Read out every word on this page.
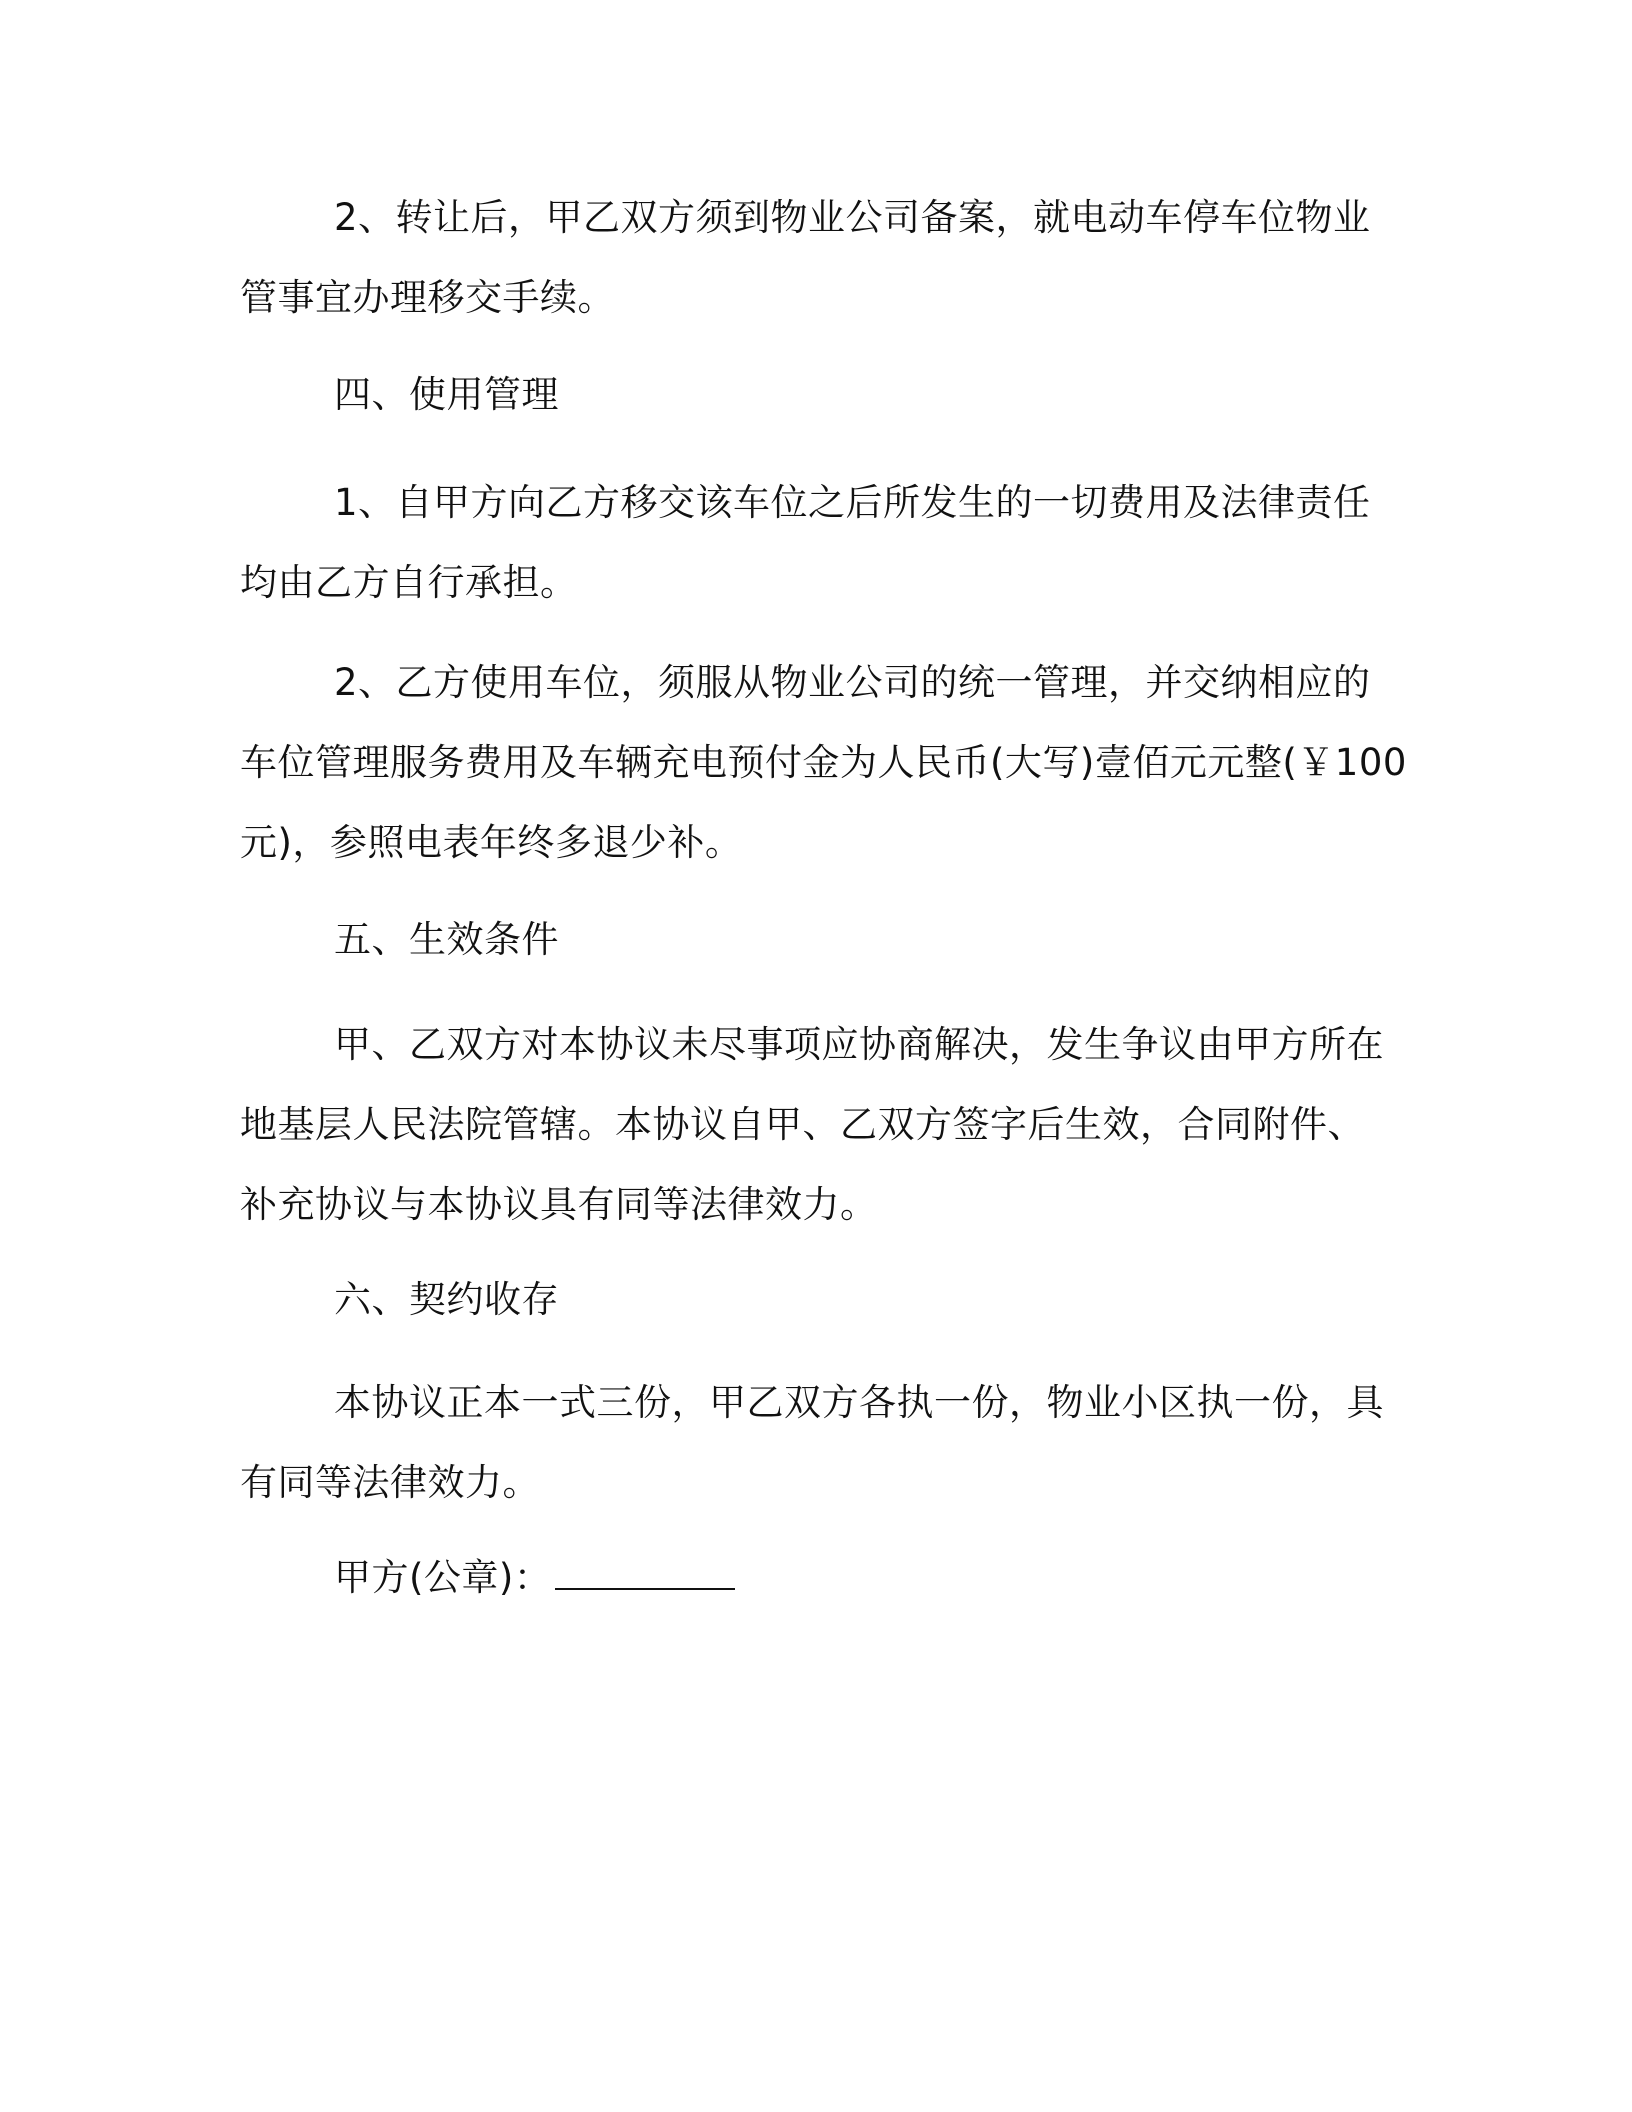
2、转让后，甲乙双方须到物业公司备案，就电动车停车位物业
管事宜办理移交手续。
四、使用管理
1、自甲方向乙方移交该车位之后所发生的一切费用及法律责任
均由乙方自行承担。
2、乙方使用车位，须服从物业公司的统一管理，并交纳相应的
车位管理服务费用及车辆充电预付金为人民币(大写)壹佰元元整(￥100
元)，参照电表年终多退少补。
五、生效条件
甲、乙双方对本协议未尽事项应协商解决，发生争议由甲方所在
地基层人民法院管辖。本协议自甲、乙双方签字后生效，合同附件、
补充协议与本协议具有同等法律效力。
六、契约收存
本协议正本一式三份，甲乙双方各执一份，物业小区执一份，具
有同等法律效力。
甲方(公章)：
